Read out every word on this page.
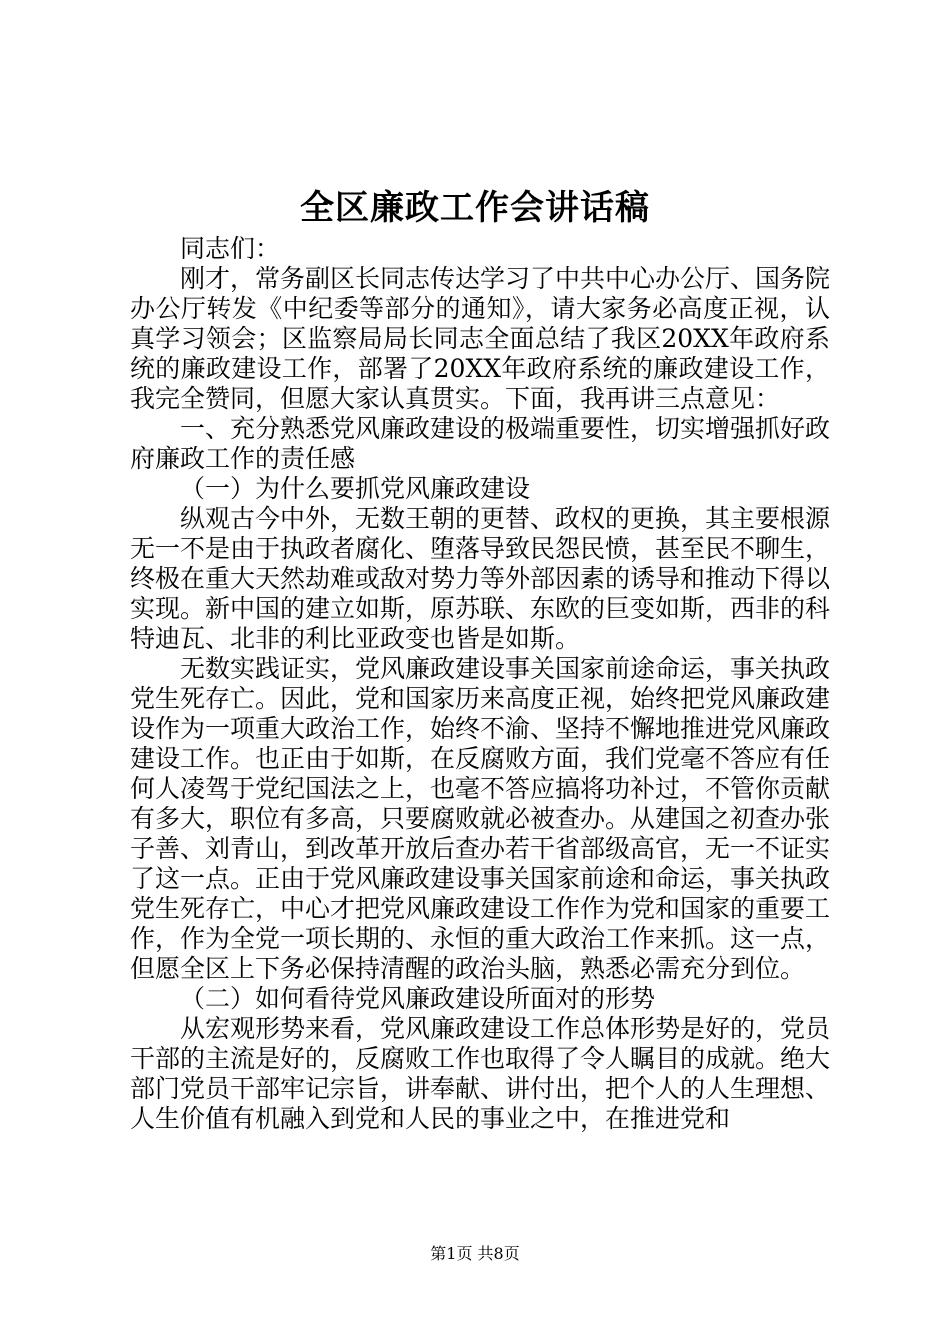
全区廉政工作会讲话稿

同志们：

刚才，常务副区长同志传达学习了中共中心办公厅、国务院办公厅转发《中纪委等部分的通知》，请大家务必高度正视，认真学习领会；区监察局局长同志全面总结了我区20XX年政府系统的廉政建设工作，部署了20XX年政府系统的廉政建设工作，我完全赞同，但愿大家认真贯实。下面，我再讲三点意见：

一、充分熟悉党风廉政建设的极端重要性，切实增强抓好政府廉政工作的责任感

（一）为什么要抓党风廉政建设

纵观古今中外，无数王朝的更替、政权的更换，其主要根源无一不是由于执政者腐化、堕落导致民怨民愤，甚至民不聊生，终极在重大天然劫难或敌对势力等外部因素的诱导和推动下得以实现。新中国的建立如斯，原苏联、东欧的巨变如斯，西非的科特迪瓦、北非的利比亚政变也皆是如斯。

无数实践证实，党风廉政建设事关国家前途命运，事关执政党生死存亡。因此，党和国家历来高度正视，始终把党风廉政建设作为一项重大政治工作，始终不渝、坚持不懈地推进党风廉政建设工作。也正由于如斯，在反腐败方面，我们党毫不答应有任何人凌驾于党纪国法之上，也毫不答应搞将功补过，不管你贡献有多大，职位有多高，只要腐败就必被查办。从建国之初查办张子善、刘青山，到改革开放后查办若干省部级高官，无一不证实了这一点。正由于党风廉政建设事关国家前途和命运，事关执政党生死存亡，中心才把党风廉政建设工作作为党和国家的重要工作，作为全党一项长期的、永恒的重大政治工作来抓。这一点，但愿全区上下务必保持清醒的政治头脑，熟悉必需充分到位。

（二）如何看待党风廉政建设所面对的形势

从宏观形势来看，党风廉政建设工作总体形势是好的，党员干部的主流是好的，反腐败工作也取得了令人瞩目的成就。绝大部门党员干部牢记宗旨，讲奉献、讲付出，把个人的人生理想、人生价值有机融入到党和人民的事业之中，在推进党和

第1页 共8页
